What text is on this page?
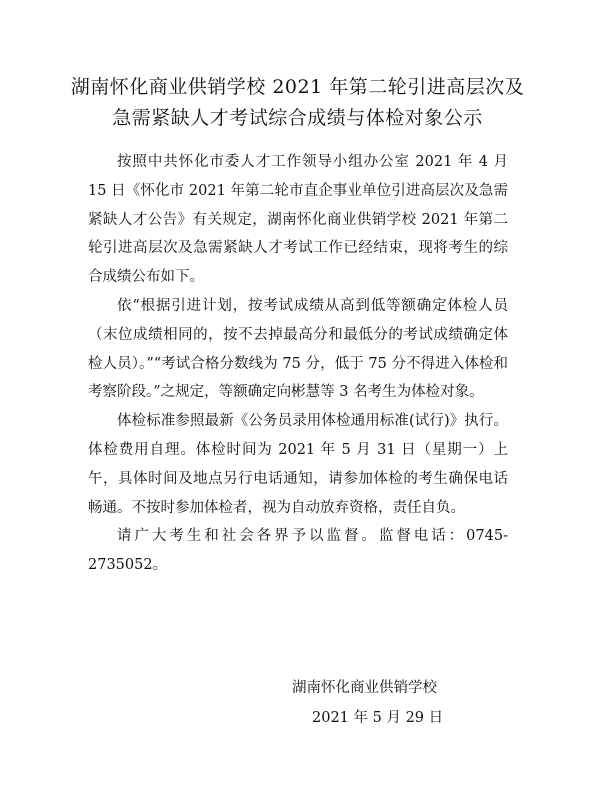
湖南怀化商业供销学校 2021 年第二轮引进高层次及
急需紧缺人才考试综合成绩与体检对象公示

按照中共怀化市委人才工作领导小组办公室 2021 年 4 月 15 日《怀化市 2021 年第二轮市直企事业单位引进高层次及急需紧缺人才公告》有关规定，湖南怀化商业供销学校 2021 年第二轮引进高层次及急需紧缺人才考试工作已经结束，现将考生的综合成绩公布如下。

依“根据引进计划，按考试成绩从高到低等额确定体检人员（末位成绩相同的，按不去掉最高分和最低分的考试成绩确定体检人员）。”“考试合格分数线为 75 分，低于 75 分不得进入体检和考察阶段。”之规定，等额确定向彬慧等 3 名考生为体检对象。

体检标准参照最新《公务员录用体检通用标准(试行)》执行。体检费用自理。体检时间为 2021 年 5 月 31 日（星期一）上午，具体时间及地点另行电话通知，请参加体检的考生确保电话畅通。不按时参加体检者，视为自动放弃资格，责任自负。

请广大考生和社会各界予以监督。监督电话：0745-2735052。

湖南怀化商业供销学校
2021 年 5 月 29 日
